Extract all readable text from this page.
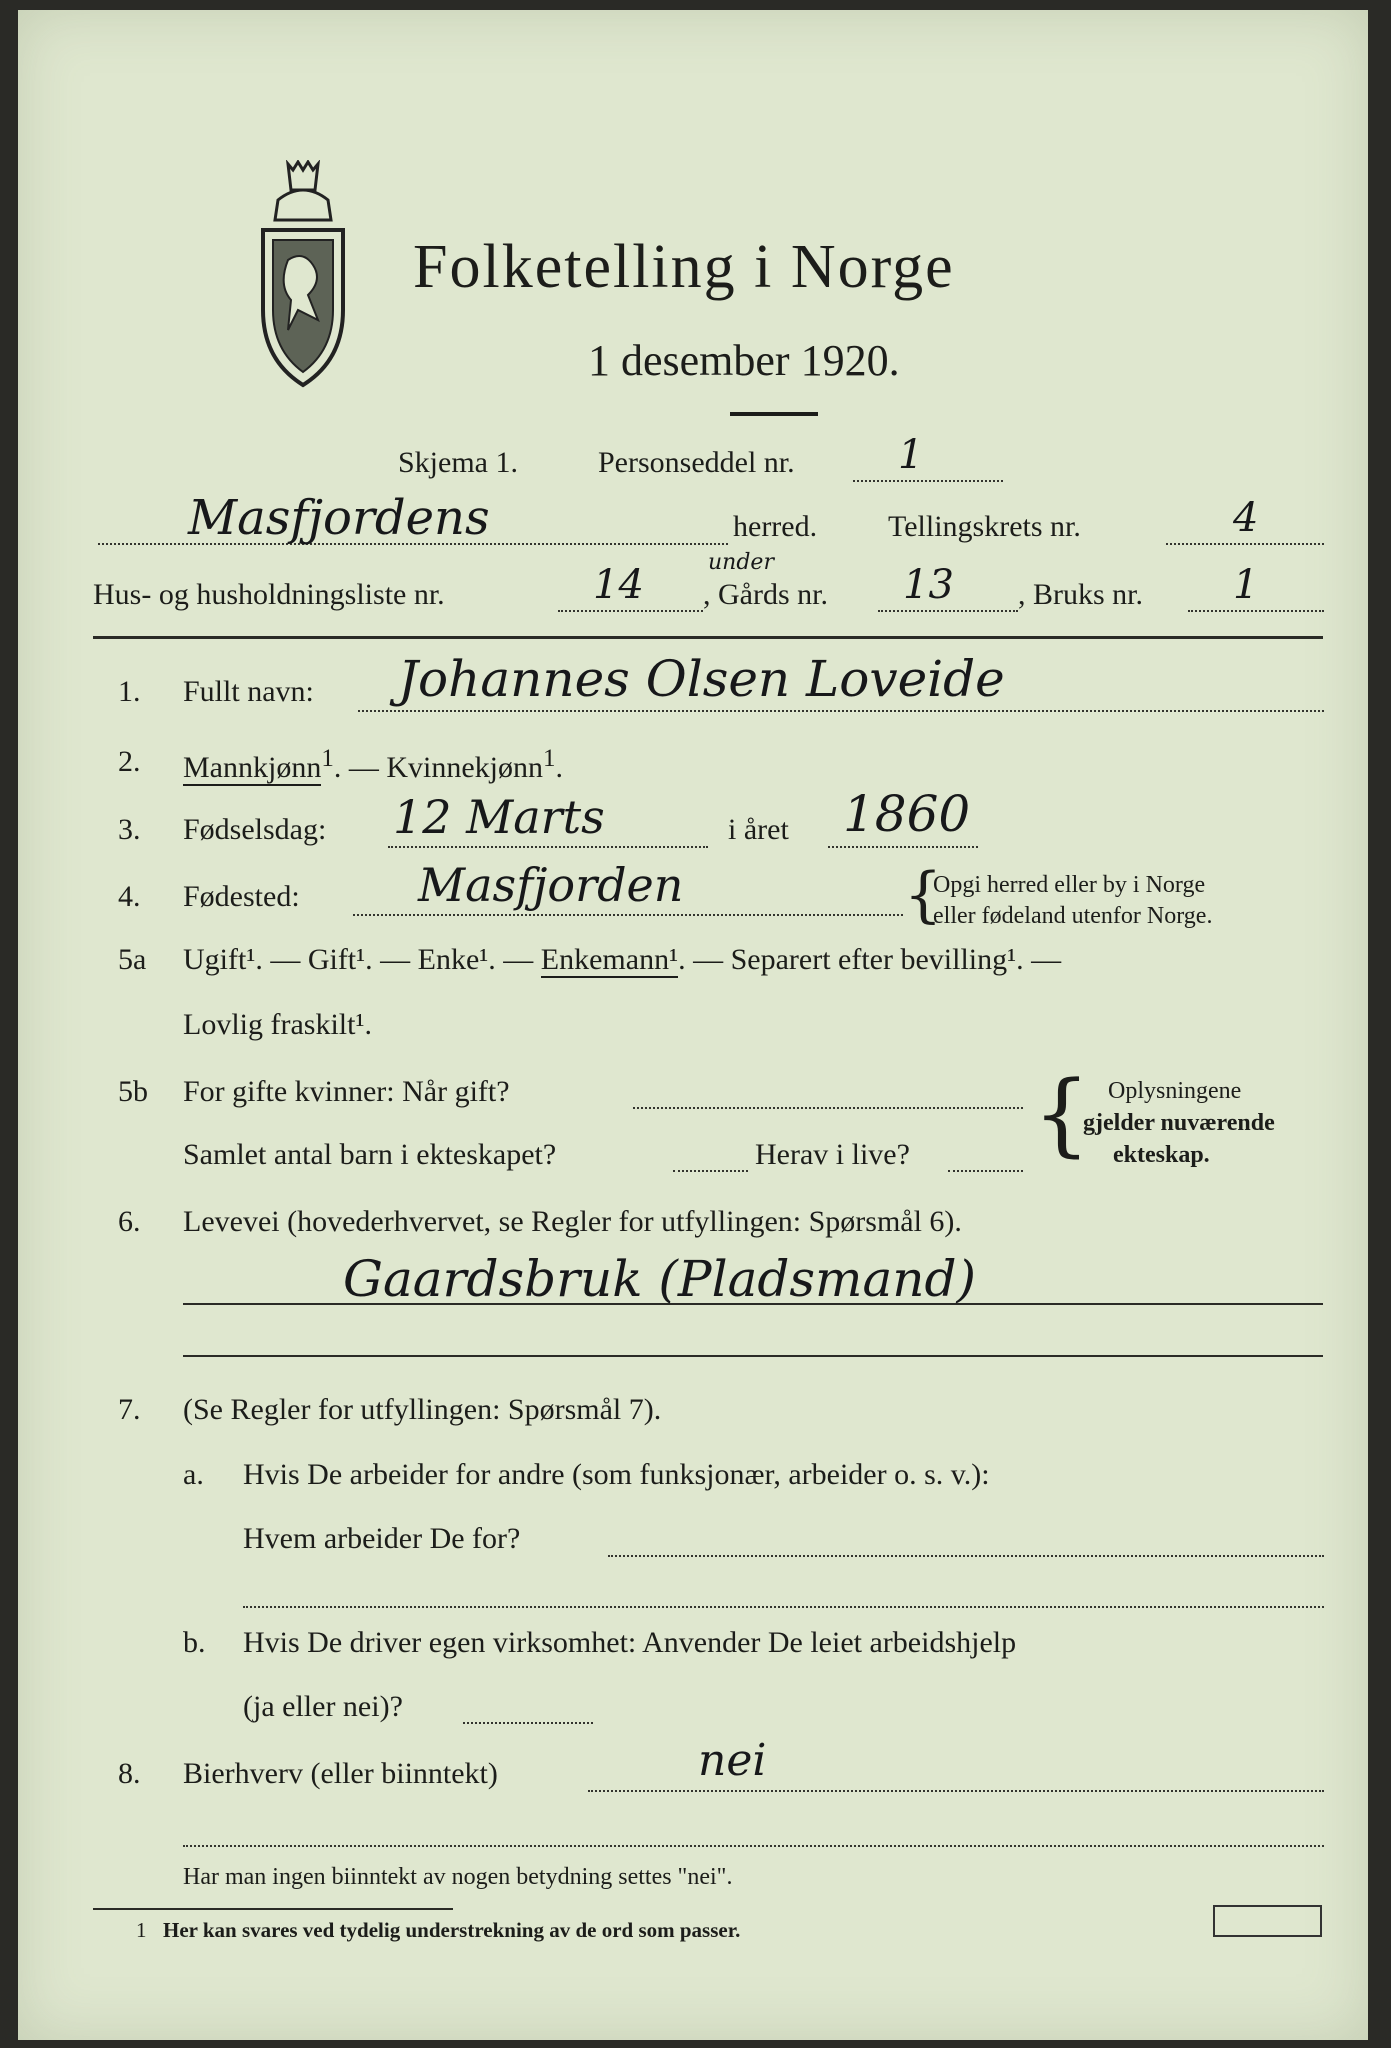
Folketelling i Norge
1 desember 1920.
Skjema 1.	Personseddel nr.	1
Masfjordens	herred. Tellingskrets nr.	4
Hus- og husholdningsliste nr.	14	under
, Gårds nr. 13 , Bruks nr. 1
1. Fullt navn: Johannes Olsen Loveide
2. Mannkjønn$^1$. — Kvinnekjønn$^1$.
3. Fødselsdag: 12 Marts	i året 1860
4. Fødested:	Masfjorden	{
Opgi herred eller by i Norge
eller fødeland utenfor Norge.
5a Ugift¹. — Gift¹. — Enke¹. — Enkemann¹. — Separert efter bevilling¹. —
Lovlig fraskilt¹.
5b For gifte kvinner: Når gift?
Samlet antal barn i ekteskapet?	Herav i live? { Oplysningene
gjelder nuværende
ekteskap.
6. Levevei (hovederhvervet, se Regler for utfyllingen: Spørsmål 6).
Gaardsbruk (Pladsmand)
7. (Se Regler for utfyllingen: Spørsmål 7).
a. Hvis De arbeider for andre (som funksjonær, arbeider o. s. v.):
Hvem arbeider De for?
b. Hvis De driver egen virksomhet: Anvender De leiet arbeidshjelp
(ja eller nei)?
8. Bierhverv (eller biinntekt)	nei
Har man ingen biinntekt av nogen betydning settes "nei".
1 Her kan svares ved tydelig understrekning av de ord som passer.
